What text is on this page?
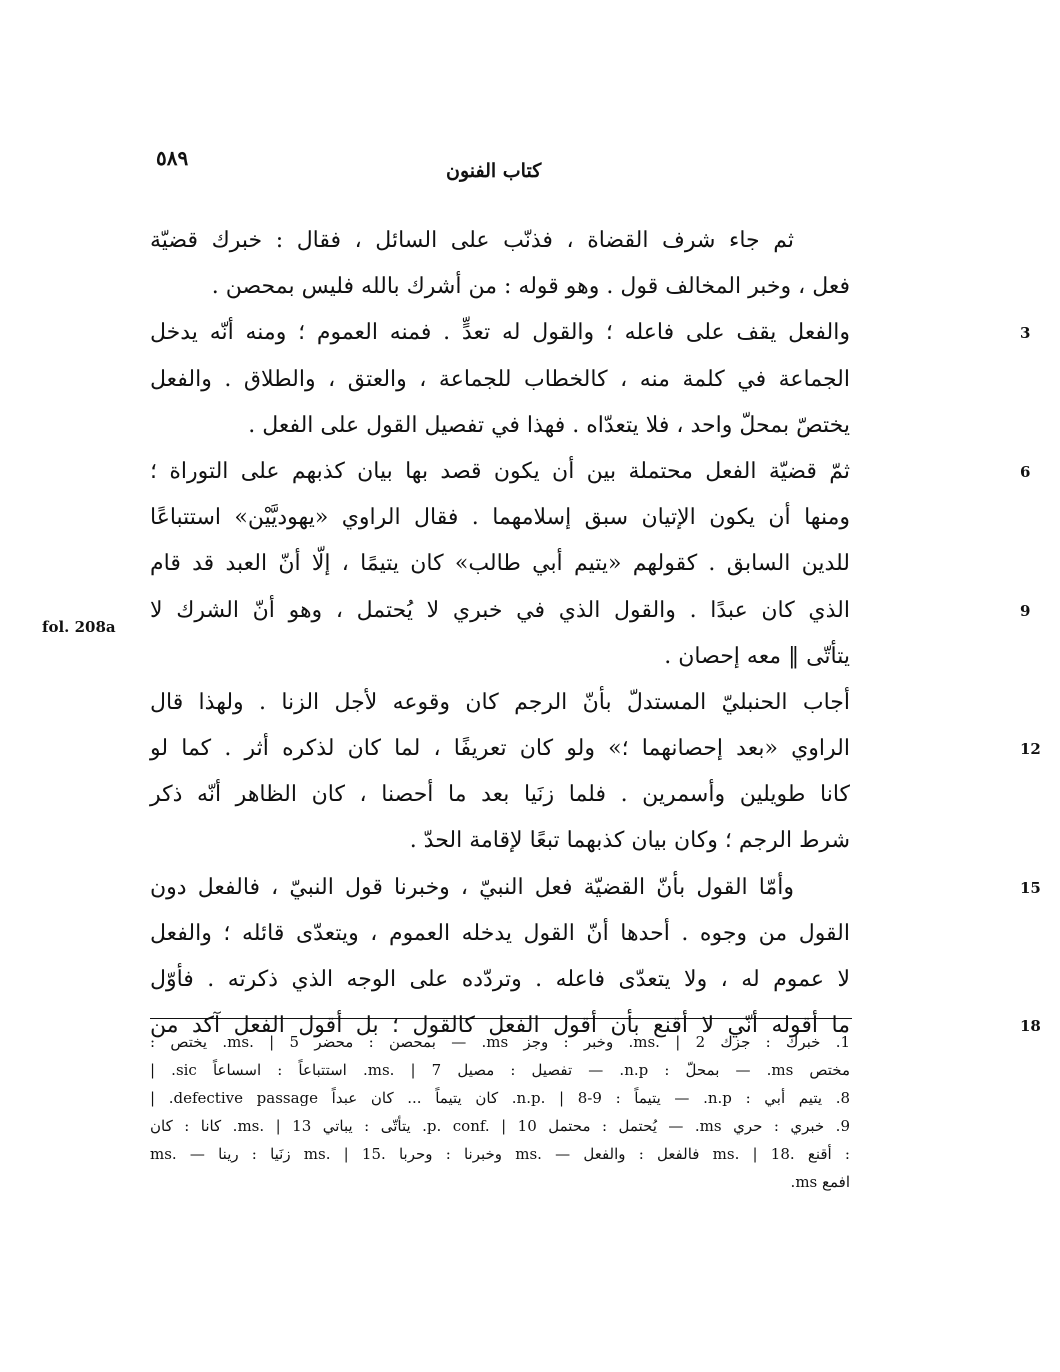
٥٨٩
كتاب الفنون
fol. 208a
ثم جاء شرف القضاة ، فذنّب على السائل ، فقال : خبرك قضيّة
فعل ، وخبر المخالف قول . وهو قوله : من أشرك بالله فليس بمحصن .
والفعل يقف على فاعله ؛ والقول له تعدٍّ . فمنه العموم ؛ ومنه أنّه يدخل	3
الجماعة في كلمة منه ، كالخطاب للجماعة ، والعتق ، والطلاق . والفعل
يختصّ بمحلّ واحد ، فلا يتعدّاه . فهذا في تفصيل القول على الفعل .
ثمّ قضيّة الفعل محتملة بين أن يكون قصد بها بيان كذبهم على التوراة ؛	6
ومنها أن يكون الإتيان سبق إسلامهما . فقال الراوي «يهوديَّيْن» استتباعًا
للدين السابق . كقولهم «يتيم أبي طالب» كان يتيمًا ، إلّا أنّ العبد قد قام
الذي كان عبدًا . والقول الذي في خبري لا يُحتمل ، وهو أنّ الشرك لا	9
يتأتّى ‖ معه إحصان .
أجاب الحنبليّ المستدلّ بأنّ الرجم كان وقوعه لأجل الزنا . ولهذا قال
الراوي «بعد إحصانهما ؛» ولو كان تعريفًا ، لما كان لذكره أثر . كما لو	12
كانا طويلين وأسمرين . فلما زنَيا بعد ما أحصنا ، كان الظاهر أنّه ذكر
شرط الرجم ؛ وكان بيان كذبهما تبعًا لإقامة الحدّ .
وأمّا القول بأنّ القضيّة فعل النبيّ ، وخبرنا قول النبيّ ، فالفعل دون	15
القول من وجوه . أحدها أنّ القول يدخله العموم ، ويتعدّى قائله ؛ والفعل
لا عموم له ، ولا يتعدّى فاعله . وتردّده على الوجه الذي ذكرته . فأوّل
ما أقوله أنّي لا أقنع بأن أقول الفعل كالقول ؛ بل أقول الفعل آكد من	18
1. خبرك : جزك ms. | 2. وخبر : وجز ms. — بمحصن : محضر ms. | 5. يختص :
مختص ms. — بمحلّ : n.p. — تفصيل : مصيل ms. | 7. استتباعاً : اسساعاً sic. |
8. يتيم أبي : n.p. — يتيماً : n.p. | 8-9. كان يتيماً ... كان عبداً defective passage. |
9. خبري : حري ms. — يُحتمل : محتمل p. conf. | 10. يتأتّى : يباتي ms. | 13. كانا : كان
ms. — زنَيا : رينا ms. | 15. وخبرنا : وحربا ms. — فالفعل : والفعل ms. | 18. أقنع :
افمع ms.
